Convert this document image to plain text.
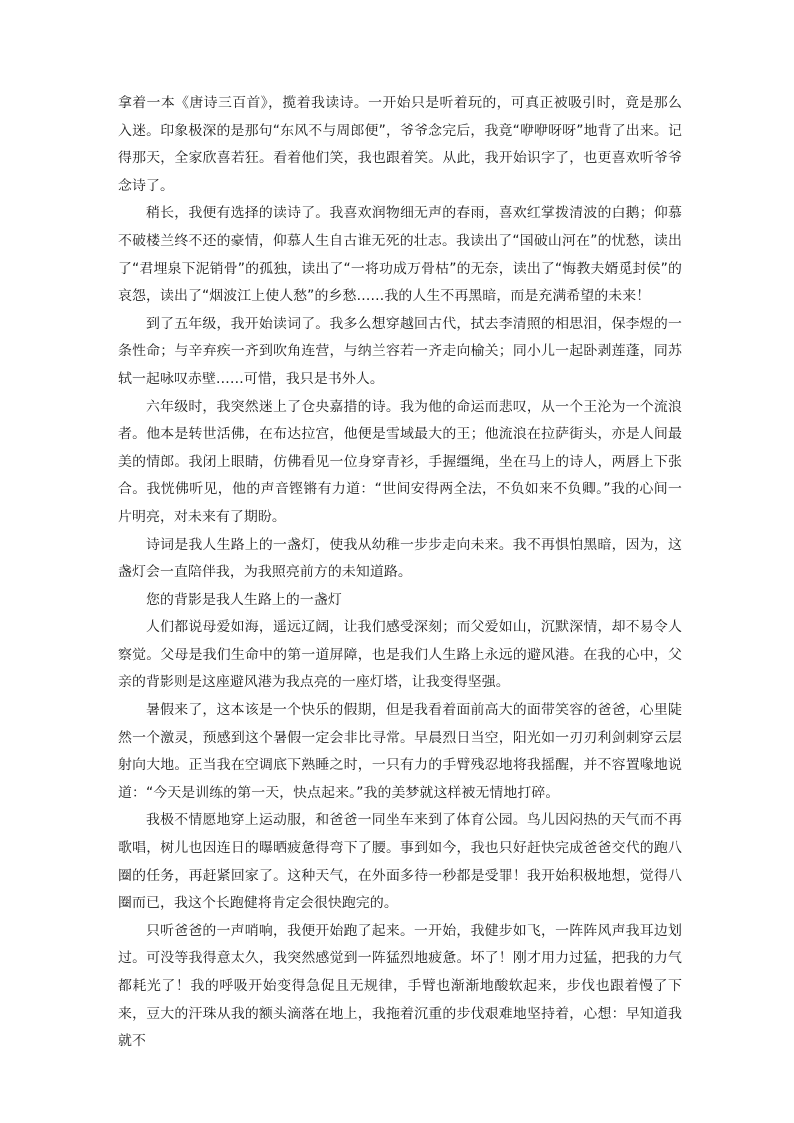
拿着一本《唐诗三百首》，揽着我读诗。一开始只是听着玩的，可真正被吸引时，竟是那么入迷。印象极深的是那句“东风不与周郎便”，爷爷念完后，我竟“咿咿呀呀”地背了出来。记得那天，全家欣喜若狂。看着他们笑，我也跟着笑。从此，我开始识字了，也更喜欢听爷爷念诗了。

稍长，我便有选择的读诗了。我喜欢润物细无声的春雨，喜欢红掌拨清波的白鹅；仰慕不破楼兰终不还的豪情，仰慕人生自古谁无死的壮志。我读出了“国破山河在”的忧愁，读出了“君埋泉下泥销骨”的孤独，读出了“一将功成万骨枯”的无奈，读出了“悔教夫婿觅封侯”的哀怨，读出了“烟波江上使人愁”的乡愁……我的人生不再黑暗，而是充满希望的未来！

到了五年级，我开始读词了。我多么想穿越回古代，拭去李清照的相思泪，保李煜的一条性命；与辛弃疾一齐到吹角连营，与纳兰容若一齐走向榆关；同小儿一起卧剥莲蓬，同苏轼一起咏叹赤壁……可惜，我只是书外人。

六年级时，我突然迷上了仓央嘉措的诗。我为他的命运而悲叹，从一个王沦为一个流浪者。他本是转世活佛，在布达拉宫，他便是雪域最大的王；他流浪在拉萨街头，亦是人间最美的情郎。我闭上眼睛，仿佛看见一位身穿青衫，手握缰绳，坐在马上的诗人，两唇上下张合。我恍佛听见，他的声音铿锵有力道：“世间安得两全法，不负如来不负卿。”我的心间一片明亮，对未来有了期盼。

诗词是我人生路上的一盏灯，使我从幼稚一步步走向未来。我不再惧怕黑暗，因为，这盏灯会一直陪伴我，为我照亮前方的未知道路。

您的背影是我人生路上的一盏灯

人们都说母爱如海，遥远辽阔，让我们感受深刻；而父爱如山，沉默深情，却不易令人察觉。父母是我们生命中的第一道屏障，也是我们人生路上永远的避风港。在我的心中，父亲的背影则是这座避风港为我点亮的一座灯塔，让我变得坚强。

暑假来了，这本该是一个快乐的假期，但是我看着面前高大的面带笑容的爸爸，心里陡然一个激灵，预感到这个暑假一定会非比寻常。早晨烈日当空，阳光如一刃刃利剑刺穿云层射向大地。正当我在空调底下熟睡之时，一只有力的手臂残忍地将我摇醒，并不容置喙地说道：“今天是训练的第一天，快点起来。”我的美梦就这样被无情地打碎。

我极不情愿地穿上运动服，和爸爸一同坐车来到了体育公园。鸟儿因闷热的天气而不再歌唱，树儿也因连日的曝晒疲惫得弯下了腰。事到如今，我也只好赶快完成爸爸交代的跑八圈的任务，再赶紧回家了。这种天气，在外面多待一秒都是受罪！我开始积极地想，觉得八圈而已，我这个长跑健将肯定会很快跑完的。

只听爸爸的一声哨响，我便开始跑了起来。一开始，我健步如飞，一阵阵风声我耳边划过。可没等我得意太久，我突然感觉到一阵猛烈地疲惫。坏了！刚才用力过猛，把我的力气都耗光了！我的呼吸开始变得急促且无规律，手臂也渐渐地酸软起来，步伐也跟着慢了下来，豆大的汗珠从我的额头滴落在地上，我拖着沉重的步伐艰难地坚持着，心想：早知道我就不
